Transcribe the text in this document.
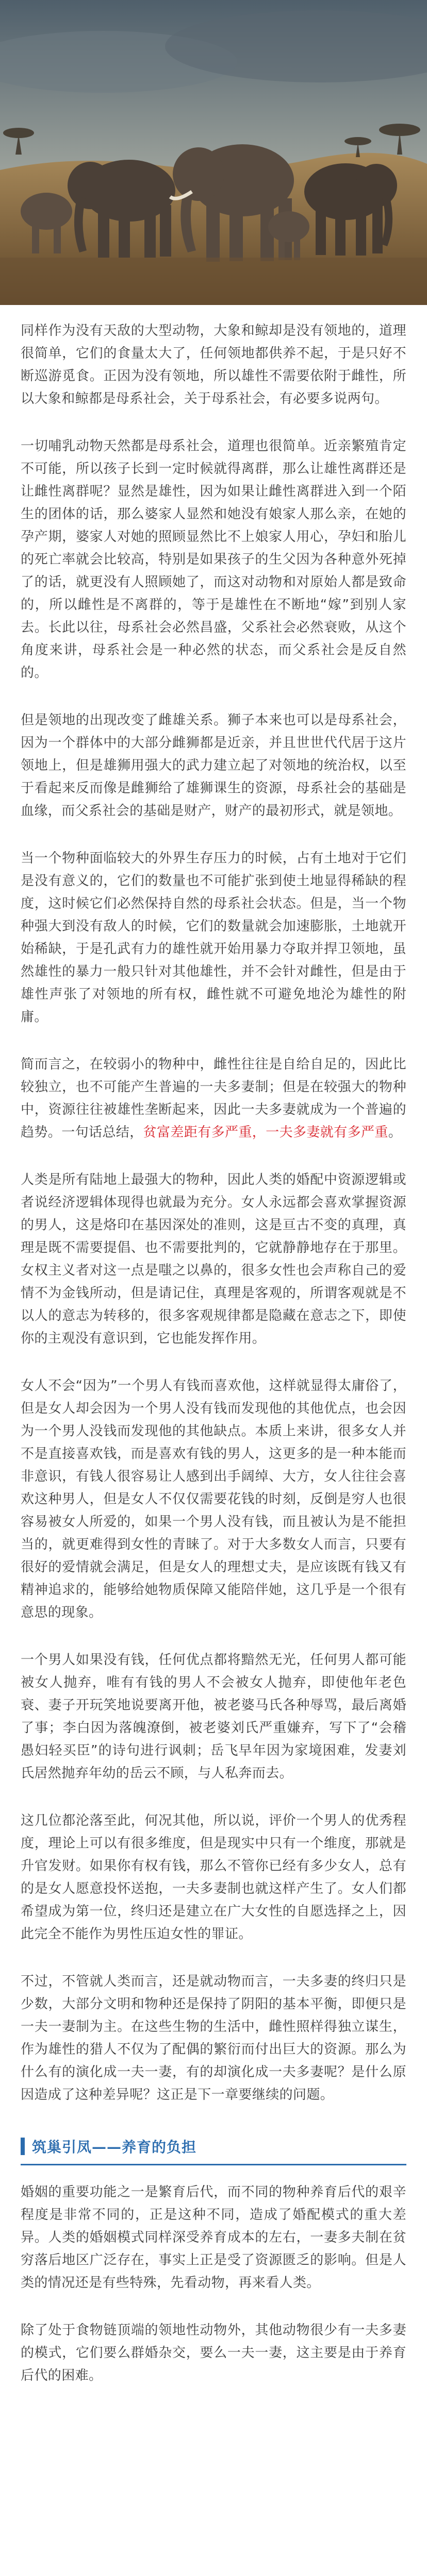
同样作为没有天敌的大型动物，大象和鲸却是没有领地的，道理很简单，它们的食量太大了，任何领地都供养不起，于是只好不断巡游觅食。正因为没有领地，所以雄性不需要依附于雌性，所以大象和鲸都是母系社会，关于母系社会，有必要多说两句。

一切哺乳动物天然都是母系社会，道理也很简单。近亲繁殖肯定不可能，所以孩子长到一定时候就得离群，那么让雄性离群还是让雌性离群呢？显然是雄性，因为如果让雌性离群进入到一个陌生的团体的话，那么婆家人显然和她没有娘家人那么亲，在她的孕产期，婆家人对她的照顾显然比不上娘家人用心，孕妇和胎儿的死亡率就会比较高，特别是如果孩子的生父因为各种意外死掉了的话，就更没有人照顾她了，而这对动物和对原始人都是致命的，所以雌性是不离群的，等于是雄性在不断地“嫁”到别人家去。长此以往，母系社会必然昌盛，父系社会必然衰败，从这个角度来讲，母系社会是一种必然的状态，而父系社会是反自然的。

但是领地的出现改变了雌雄关系。狮子本来也可以是母系社会，因为一个群体中的大部分雌狮都是近亲，并且世世代代居于这片领地上，但是雄狮用强大的武力建立起了对领地的统治权，以至于看起来反而像是雌狮给了雄狮课生的资源，母系社会的基础是血缘，而父系社会的基础是财产，财产的最初形式，就是领地。

当一个物种面临较大的外界生存压力的时候，占有土地对于它们是没有意义的，它们的数量也不可能扩张到使土地显得稀缺的程度，这时候它们必然保持自然的母系社会状态。但是，当一个物种强大到没有敌人的时候，它们的数量就会加速膨胀，土地就开始稀缺，于是孔武有力的雄性就开始用暴力夺取并捍卫领地，虽然雄性的暴力一般只针对其他雄性，并不会针对雌性，但是由于雄性声张了对领地的所有权，雌性就不可避免地沦为雄性的附庸。

简而言之，在较弱小的物种中，雌性往往是自给自足的，因此比较独立，也不可能产生普遍的一夫多妻制；但是在较强大的物种中，资源往往被雄性垄断起来，因此一夫多妻就成为一个普遍的趋势。一句话总结，贫富差距有多严重，一夫多妻就有多严重。

人类是所有陆地上最强大的物种，因此人类的婚配中资源逻辑或者说经济逻辑体现得也就最为充分。女人永远都会喜欢掌握资源的男人，这是烙印在基因深处的准则，这是亘古不变的真理，真理是既不需要提倡、也不需要批判的，它就静静地存在于那里。女权主义者对这一点是嗤之以鼻的，很多女性也会声称自己的爱情不为金钱所动，但是请记住，真理是客观的，所谓客观就是不以人的意志为转移的，很多客观规律都是隐藏在意志之下，即使你的主观没有意识到，它也能发挥作用。

女人不会“因为”一个男人有钱而喜欢他，这样就显得太庸俗了，但是女人却会因为一个男人没有钱而发现他的其他优点，也会因为一个男人没钱而发现他的其他缺点。本质上来讲，很多女人并不是直接喜欢钱，而是喜欢有钱的男人，这更多的是一种本能而非意识，有钱人很容易让人感到出手阔绰、大方，女人往往会喜欢这种男人，但是女人不仅仅需要花钱的时刻，反倒是穷人也很容易被女人所爱的，如果一个男人没有钱，而且被认为是不能担当的，就更难得到女性的青睐了。对于大多数女人而言，只要有很好的爱情就会满足，但是女人的理想丈夫，是应该既有钱又有精神追求的，能够给她物质保障又能陪伴她，这几乎是一个很有意思的现象。

一个男人如果没有钱，任何优点都将黯然无光，任何男人都可能被女人抛弃，唯有有钱的男人不会被女人抛弃，即使他年老色衰、妻子开玩笑地说要离开他，被老婆马氏各种辱骂，最后离婚了事；李白因为落魄潦倒，被老婆刘氏严重嫌弃，写下了“会稽愚妇轻买臣”的诗句进行讽刺；岳飞早年因为家境困难，发妻刘氏居然抛弃年幼的岳云不顾，与人私奔而去。

这几位都沦落至此，何况其他，所以说，评价一个男人的优秀程度，理论上可以有很多维度，但是现实中只有一个维度，那就是升官发财。如果你有权有钱，那么不管你已经有多少女人，总有的是女人愿意投怀送抱，一夫多妻制也就这样产生了。女人们都希望成为第一位，终归还是建立在广大女性的自愿选择之上，因此完全不能作为男性压迫女性的罪证。

不过，不管就人类而言，还是就动物而言，一夫多妻的终归只是少数，大部分文明和物种还是保持了阴阳的基本平衡，即便只是一夫一妻制为主。在这些生物的生活中，雌性照样得独立谋生，作为雄性的猎人不仅为了配偶的繁衍而付出巨大的资源。那么为什么有的演化成一夫一妻，有的却演化成一夫多妻呢？是什么原因造成了这种差异呢？这正是下一章要继续的问题。

筑巢引凤——养育的负担

婚姻的重要功能之一是繁育后代，而不同的物种养育后代的艰辛程度是非常不同的，正是这种不同，造成了婚配模式的重大差异。人类的婚姻模式同样深受养育成本的左右，一妻多夫制在贫穷落后地区广泛存在，事实上正是受了资源匮乏的影响。但是人类的情况还是有些特殊，先看动物，再来看人类。

除了处于食物链顶端的领地性动物外，其他动物很少有一夫多妻的模式，它们要么群婚杂交，要么一夫一妻，这主要是由于养育后代的困难。
